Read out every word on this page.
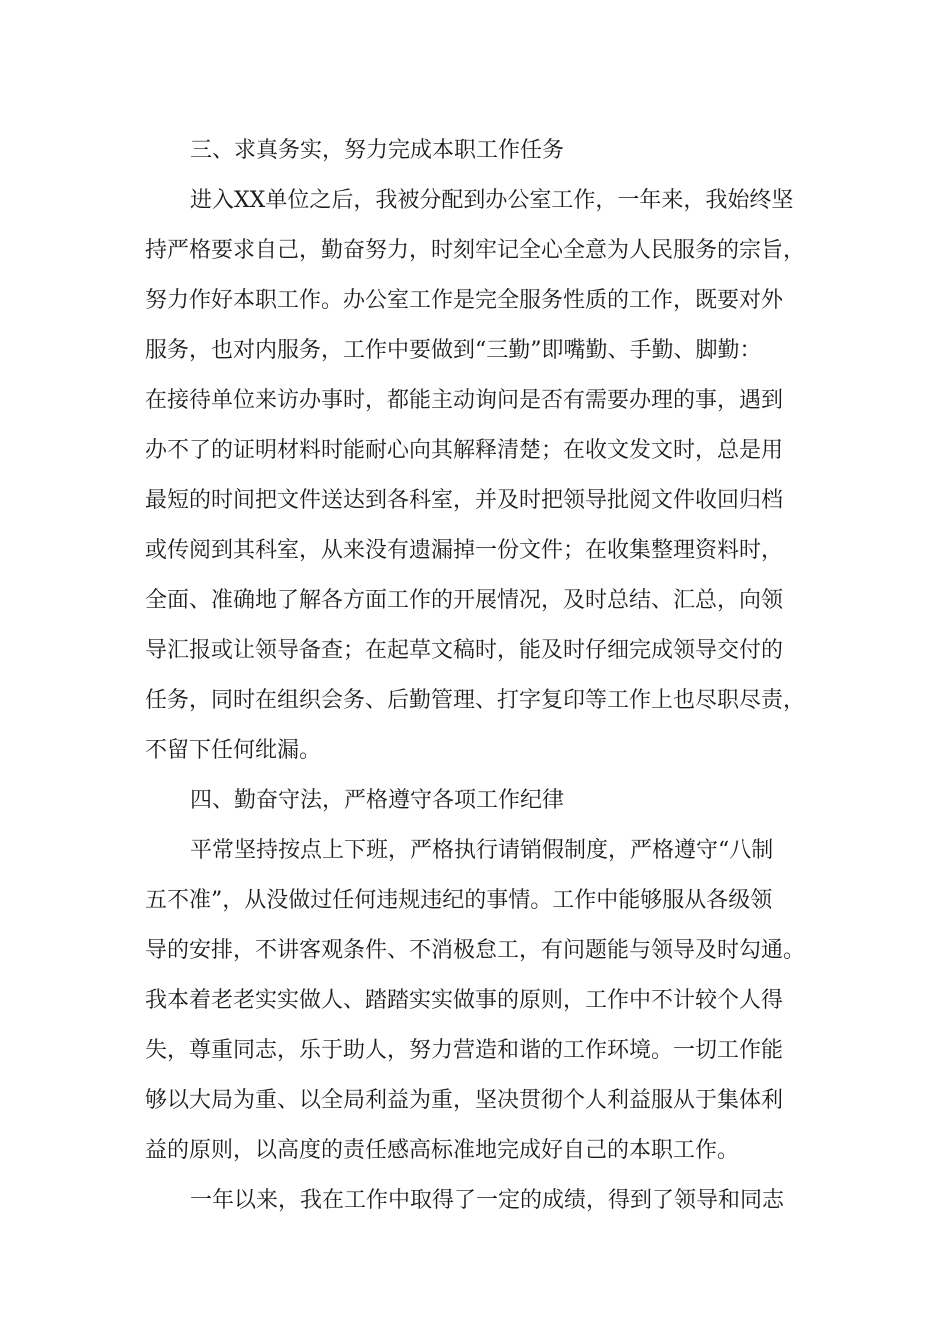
三、求真务实，努力完成本职工作任务
进入XX单位之后，我被分配到办公室工作，一年来，我始终坚
持严格要求自己，勤奋努力，时刻牢记全心全意为人民服务的宗旨，
努力作好本职工作。办公室工作是完全服务性质的工作，既要对外
服务，也对内服务，工作中要做到“三勤”即嘴勤、手勤、脚勤：
在接待单位来访办事时，都能主动询问是否有需要办理的事，遇到
办不了的证明材料时能耐心向其解释清楚；在收文发文时，总是用
最短的时间把文件送达到各科室，并及时把领导批阅文件收回归档
或传阅到其科室，从来没有遗漏掉一份文件；在收集整理资料时，
全面、准确地了解各方面工作的开展情况，及时总结、汇总，向领
导汇报或让领导备查；在起草文稿时，能及时仔细完成领导交付的
任务，同时在组织会务、后勤管理、打字复印等工作上也尽职尽责，
不留下任何纰漏。
四、勤奋守法，严格遵守各项工作纪律
平常坚持按点上下班，严格执行请销假制度，严格遵守“八制
五不准”，从没做过任何违规违纪的事情。工作中能够服从各级领
导的安排，不讲客观条件、不消极怠工，有问题能与领导及时勾通。
我本着老老实实做人、踏踏实实做事的原则，工作中不计较个人得
失，尊重同志，乐于助人，努力营造和谐的工作环境。一切工作能
够以大局为重、以全局利益为重，坚决贯彻个人利益服从于集体利
益的原则，以高度的责任感高标准地完成好自己的本职工作。
一年以来，我在工作中取得了一定的成绩，得到了领导和同志
